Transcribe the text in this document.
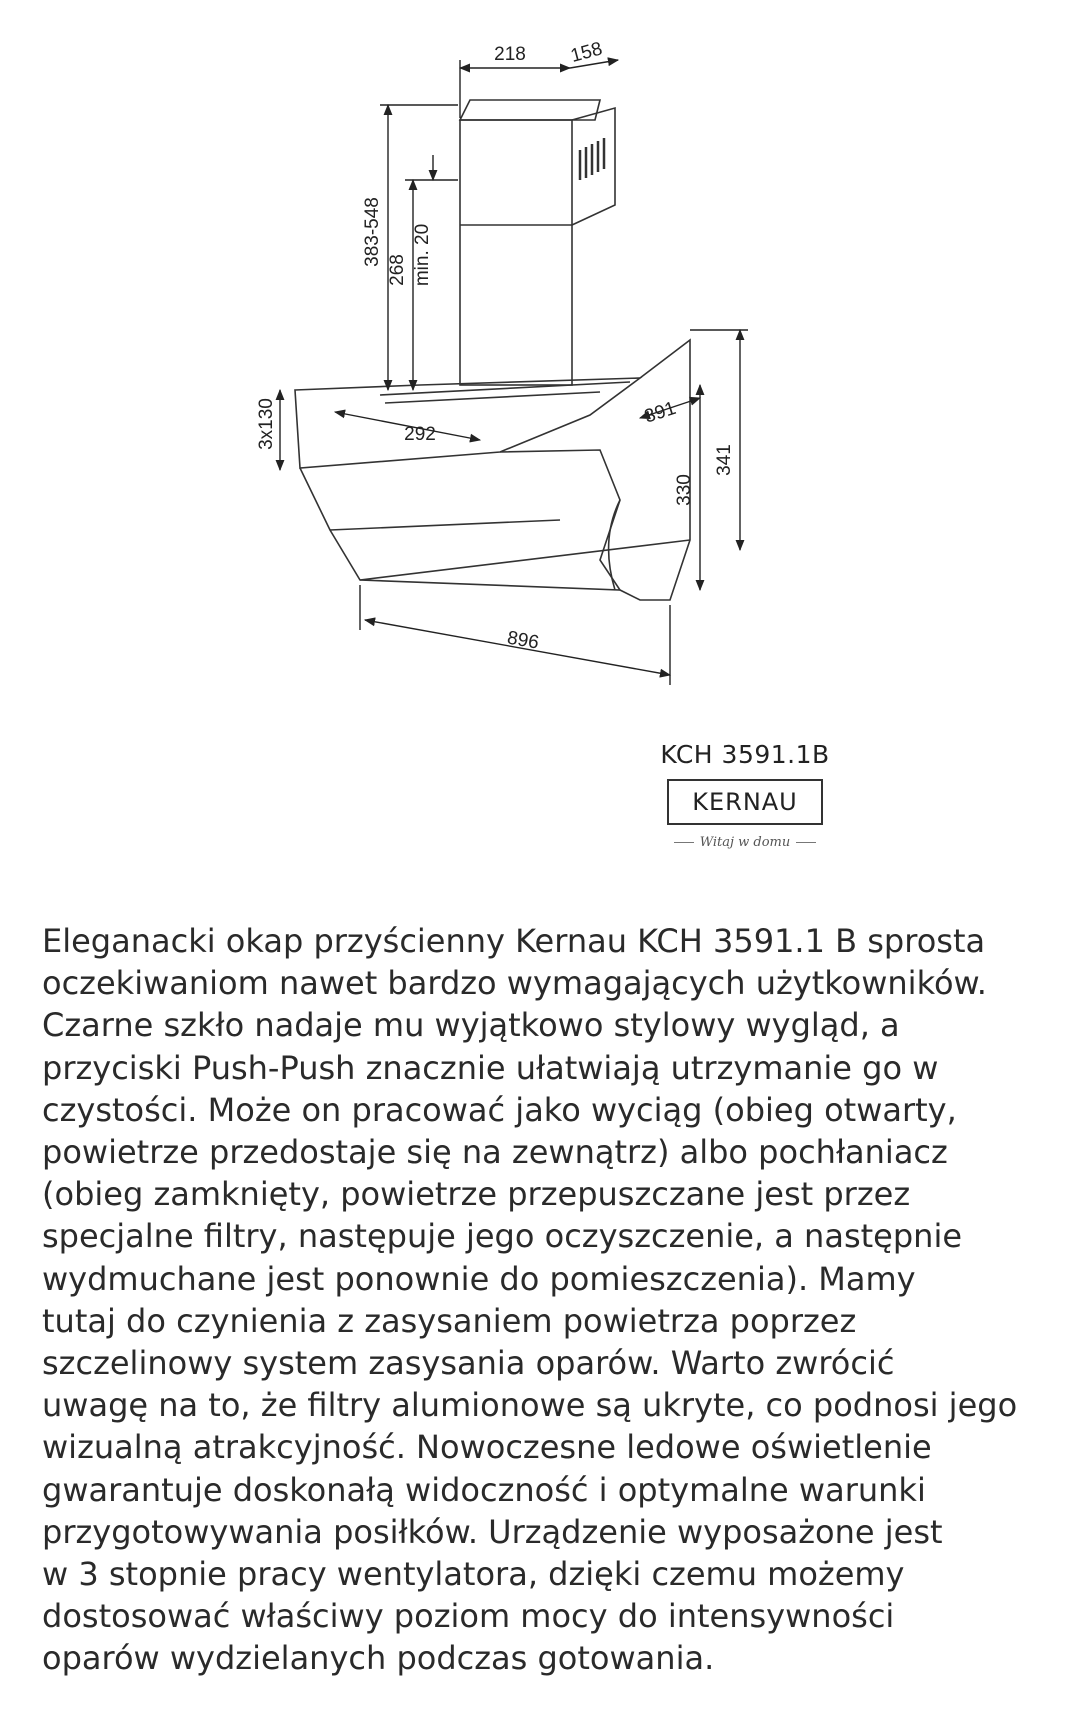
218 158
383-548
268 min. 20
3x130	292
391
330
341
896
KCH 3591.1B
KERNAU
Witaj w domu
Eleganacki okap przyścienny Kernau KCH 3591.1 B sprosta
oczekiwaniom nawet bardzo wymagających użytkowników.
Czarne szkło nadaje mu wyjątkowo stylowy wygląd, a
przyciski Push-Push znacznie ułatwiają utrzymanie go w
czystości. Może on pracować jako wyciąg (obieg otwarty,
powietrze przedostaje się na zewnątrz) albo pochłaniacz
(obieg zamknięty, powietrze przepuszczane jest przez
specjalne filtry, następuje jego oczyszczenie, a następnie
wydmuchane jest ponownie do pomieszczenia). Mamy
tutaj do czynienia z zasysaniem powietrza poprzez
szczelinowy system zasysania oparów. Warto zwrócić
uwagę na to, że filtry alumionowe są ukryte, co podnosi jego
wizualną atrakcyjność. Nowoczesne ledowe oświetlenie
gwarantuje doskonałą widoczność i optymalne warunki
przygotowywania posiłków. Urządzenie wyposażone jest
w 3 stopnie pracy wentylatora, dzięki czemu możemy
dostosować właściwy poziom mocy do intensywności
oparów wydzielanych podczas gotowania.
